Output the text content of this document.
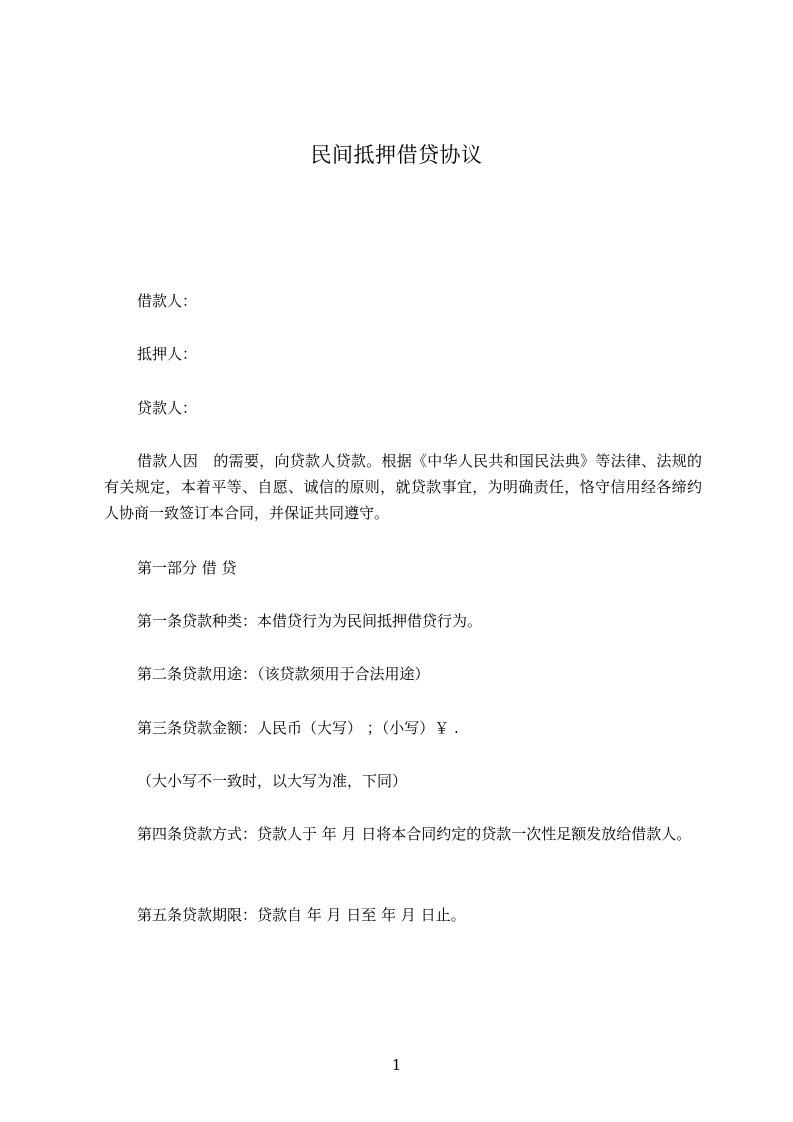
民间抵押借贷协议
借款人：
抵押人：
贷款人：
借款人因　的需要，向贷款人贷款。根据《中华人民共和国民法典》等法律、法规的有关规定，本着平等、自愿、诚信的原则，就贷款事宜，为明确责任，恪守信用经各缔约人协商一致签订本合同，并保证共同遵守。
第一部分 借 贷
第一条贷款种类：本借贷行为为民间抵押借贷行为。
第二条贷款用途：（该贷款须用于合法用途）
第三条贷款金额：人民币（大写） ；（小写）￥ .
（大小写不一致时，以大写为准，下同）
第四条贷款方式：贷款人于 年 月 日将本合同约定的贷款一次性足额发放给借款人。
第五条贷款期限：贷款自 年 月 日至 年 月 日止。
1
